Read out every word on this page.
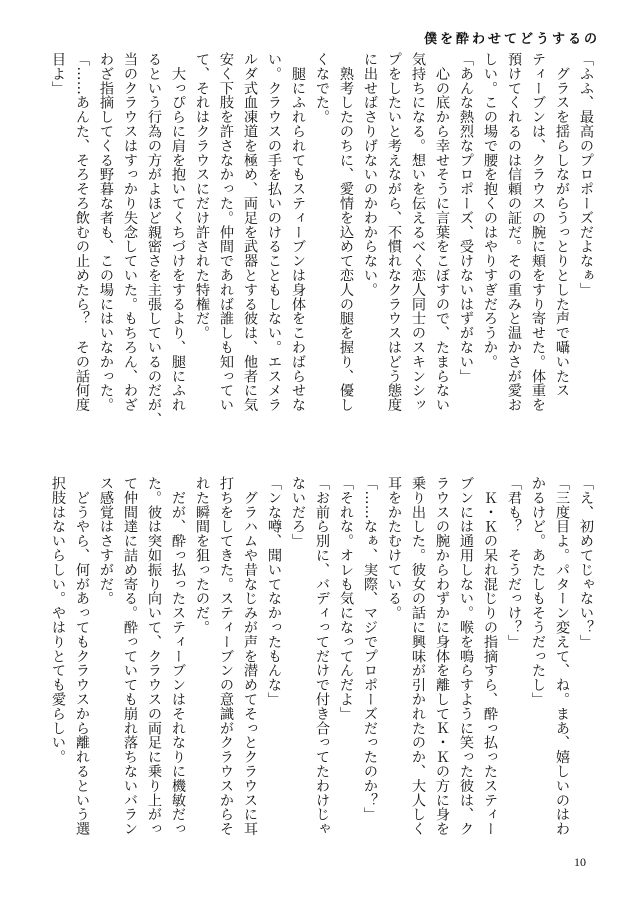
僕を酔わせてどうするの
「ふふ、最高のプロポーズだよなぁ」
　グラスを揺らしながらうっとりとした声で囁いたス
ティーブンは、クラウスの腕に頬をすり寄せた。体重を
預けてくれるのは信頼の証だ。その重みと温かさが愛お
しい。この場で腰を抱くのはやりすぎだろうか。
「あんな熱烈なプロポーズ、受けないはずがない」
　心の底から幸せそうに言葉をこぼすので、たまらない
気持ちになる。想いを伝えるべく恋人同士のスキンシッ
プをしたいと考えながら、不慣れなクラウスはどう態度
に出せばさりげないのかわからない。
　熟考したのちに、愛情を込めて恋人の腿を握り、優し
くなでた。
　腿にふれられてもスティーブンは身体をこわばらせな
い。クラウスの手を払いのけることもしない。エスメラ
ルダ式血凍道を極め、両足を武器とする彼は、他者に気
安く下肢を許さなかった。仲間であれば誰しも知ってい
て、それはクラウスにだけ許された特権だ。
　大っぴらに肩を抱いてくちづけをするより、腿にふれ
るという行為の方がよほど親密さを主張しているのだが、
当のクラウスはすっかり失念していた。もちろん、わざ
わざ指摘してくる野暮な者も、この場にはいなかった。
「……あんた、そろそろ飲むの止めたら？　その話何度
目よ」
「え、初めてじゃない？」
「三度目よ。パターン変えて、ね。まあ、嬉しいのはわ
かるけど。あたしもそうだったし」
「君も？　そうだっけ？」
　Ｋ・Ｋの呆れ混じりの指摘すら、酔っ払ったスティー
ブンには通用しない。喉を鳴らすように笑った彼は、ク
ラウスの腕からわずかに身体を離してＫ・Ｋの方に身を
乗り出した。彼女の話に興味が引かれたのか、大人しく
耳をかたむけている。
「……なぁ、実際、マジでプロポーズだったのか？」
「それな。オレも気になってんだよ」
「お前ら別に、バディってだけで付き合ってたわけじゃ
ないだろ」
「ンな噂、聞いてなかったもんな」
　グラハムや昔なじみが声を潜めてそっとクラウスに耳
打ちをしてきた。スティーブンの意識がクラウスからそ
れた瞬間を狙ったのだ。
　だが、酔っ払ったスティーブンはそれなりに機敏だっ
た。彼は突如振り向いて、クラウスの両足に乗り上がっ
て仲間達に詰め寄る。酔っていても崩れ落ちないバラン
ス感覚はさすがだ。
　どうやら、何があってもクラウスから離れるという選
択肢はないらしい。やはりとても愛らしい。
10
